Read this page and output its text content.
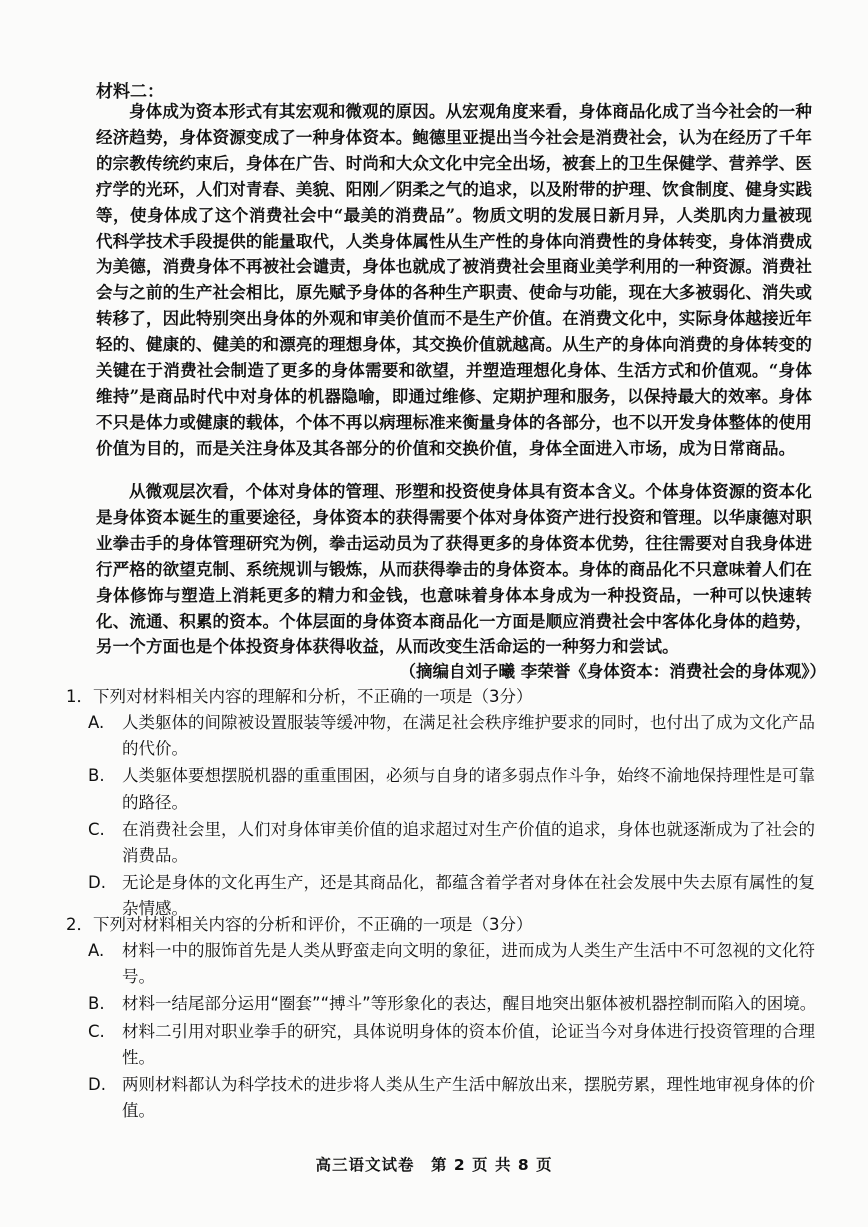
材料二：

身体成为资本形式有其宏观和微观的原因。从宏观角度来看，身体商品化成了当今社会的一种经济趋势，身体资源变成了一种身体资本。鲍德里亚提出当今社会是消费社会，认为在经历了千年的宗教传统约束后，身体在广告、时尚和大众文化中完全出场，被套上的卫生保健学、营养学、医疗学的光环，人们对青春、美貌、阳刚／阴柔之气的追求，以及附带的护理、饮食制度、健身实践等，使身体成了这个消费社会中“最美的消费品”。物质文明的发展日新月异，人类肌肉力量被现代科学技术手段提供的能量取代，人类身体属性从生产性的身体向消费性的身体转变，身体消费成为美德，消费身体不再被社会谴责，身体也就成了被消费社会里商业美学利用的一种资源。消费社会与之前的生产社会相比，原先赋予身体的各种生产职责、使命与功能，现在大多被弱化、消失或转移了，因此特别突出身体的外观和审美价值而不是生产价值。在消费文化中，实际身体越接近年轻的、健康的、健美的和漂亮的理想身体，其交换价值就越高。从生产的身体向消费的身体转变的关键在于消费社会制造了更多的身体需要和欲望，并塑造理想化身体、生活方式和价值观。“身体维持”是商品时代中对身体的机器隐喻，即通过维修、定期护理和服务，以保持最大的效率。身体不只是体力或健康的载体，个体不再以病理标准来衡量身体的各部分，也不以开发身体整体的使用价值为目的，而是关注身体及其各部分的价值和交换价值，身体全面进入市场，成为日常商品。

从微观层次看，个体对身体的管理、形塑和投资使身体具有资本含义。个体身体资源的资本化是身体资本诞生的重要途径，身体资本的获得需要个体对身体资产进行投资和管理。以华康德对职业拳击手的身体管理研究为例，拳击运动员为了获得更多的身体资本优势，往往需要对自我身体进行严格的欲望克制、系统规训与锻炼，从而获得拳击的身体资本。身体的商品化不只意味着人们在身体修饰与塑造上消耗更多的精力和金钱，也意味着身体本身成为一种投资品，一种可以快速转化、流通、积累的资本。个体层面的身体资本商品化一方面是顺应消费社会中客体化身体的趋势，另一个方面也是个体投资身体获得收益，从而改变生活命运的一种努力和尝试。

（摘编自刘子曦 李荣誉《身体资本：消费社会的身体观》）
1．下列对材料相关内容的理解和分析，不正确的一项是（3分）
A. 人类躯体的间隙被设置服装等缓冲物，在满足社会秩序维护要求的同时，也付出了成为文化产品的代价。
B. 人类躯体要想摆脱机器的重重围困，必须与自身的诸多弱点作斗争，始终不渝地保持理性是可靠的路径。
C. 在消费社会里，人们对身体审美价值的追求超过对生产价值的追求，身体也就逐渐成为了社会的消费品。
D. 无论是身体的文化再生产，还是其商品化，都蕴含着学者对身体在社会发展中失去原有属性的复杂情感。
2．下列对材料相关内容的分析和评价，不正确的一项是（3分）
A. 材料一中的服饰首先是人类从野蛮走向文明的象征，进而成为人类生产生活中不可忽视的文化符号。
B. 材料一结尾部分运用“圈套”“搏斗”等形象化的表达，醒目地突出躯体被机器控制而陷入的困境。
C. 材料二引用对职业拳手的研究，具体说明身体的资本价值，论证当今对身体进行投资管理的合理性。
D. 两则材料都认为科学技术的进步将人类从生产生活中解放出来，摆脱劳累，理性地审视身体的价值。
高三语文试卷　第 2 页 共 8 页
